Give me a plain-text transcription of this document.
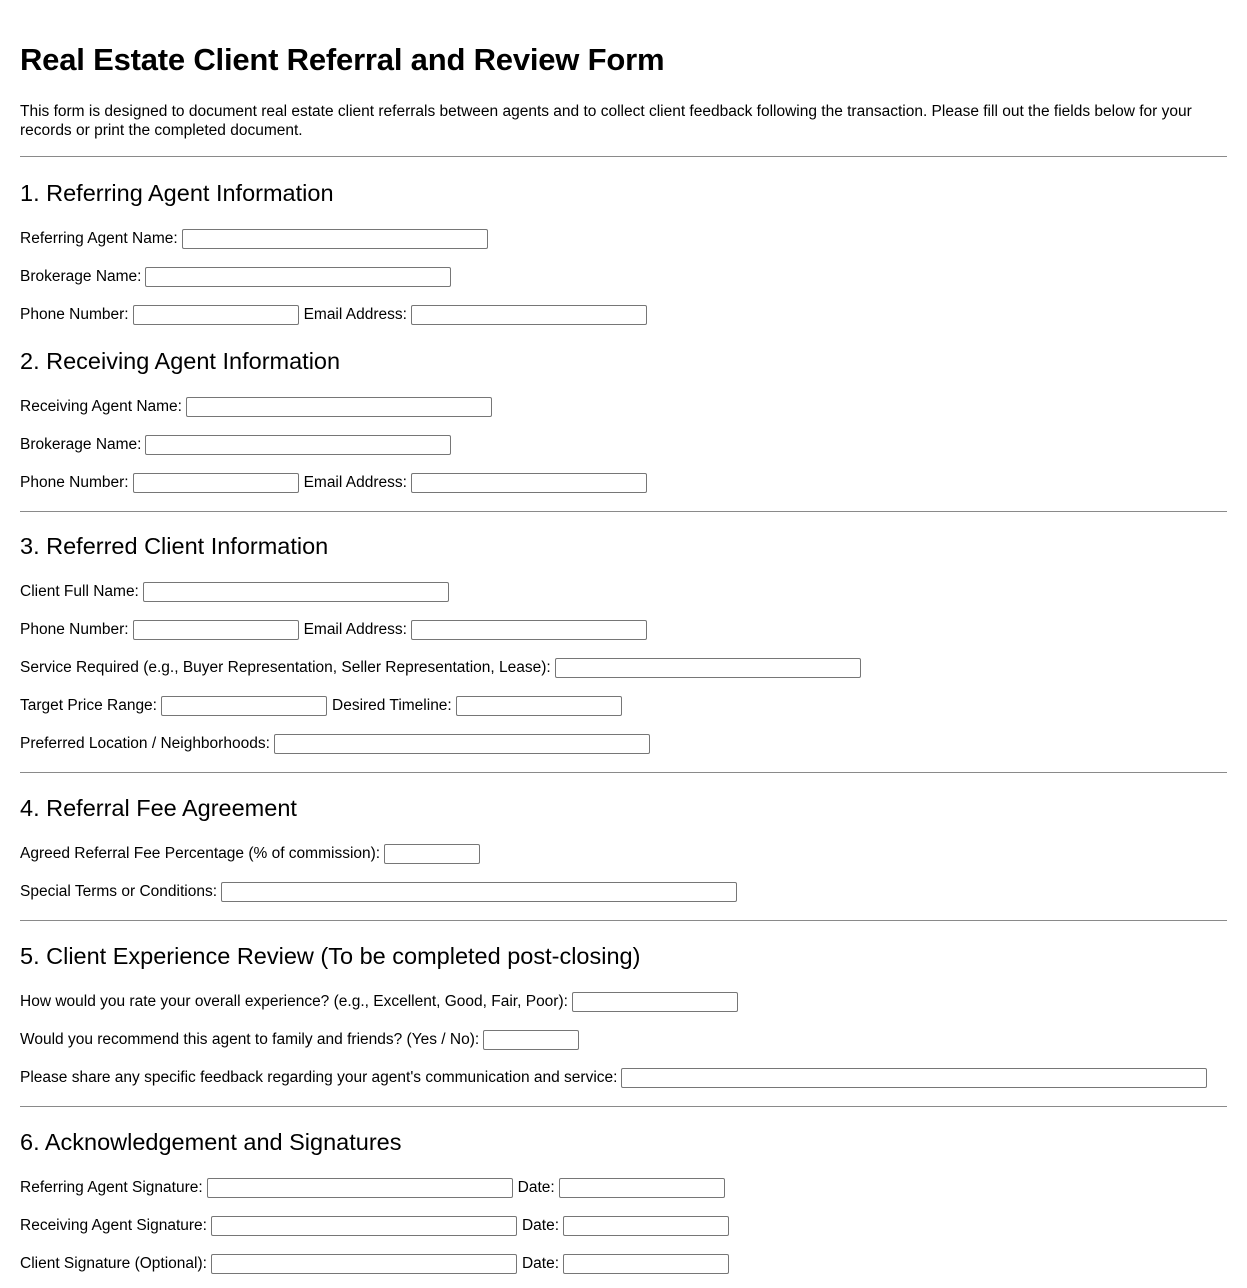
Real Estate Client Referral and Review Form

This form is designed to document real estate client referrals between agents and to collect client feedback following the transaction. Please fill out the fields below for your records or print the completed document.

1. Referring Agent Information
Referring Agent Name:
Brokerage Name:
Phone Number:	Email Address:
2. Receiving Agent Information
Receiving Agent Name:
Brokerage Name:
Phone Number:	Email Address:
3. Referred Client Information
Client Full Name:
Phone Number:	Email Address:
Service Required (e.g., Buyer Representation, Seller Representation, Lease):
Target Price Range:	Desired Timeline:
Preferred Location / Neighborhoods:
4. Referral Fee Agreement
Agreed Referral Fee Percentage (% of commission):
Special Terms or Conditions:
5. Client Experience Review (To be completed post-closing)
How would you rate your overall experience? (e.g., Excellent, Good, Fair, Poor):
Would you recommend this agent to family and friends? (Yes / No):
Please share any specific feedback regarding your agent's communication and service:
6. Acknowledgement and Signatures
Referring Agent Signature:	Date:
Receiving Agent Signature:	Date:
Client Signature (Optional):	Date:
